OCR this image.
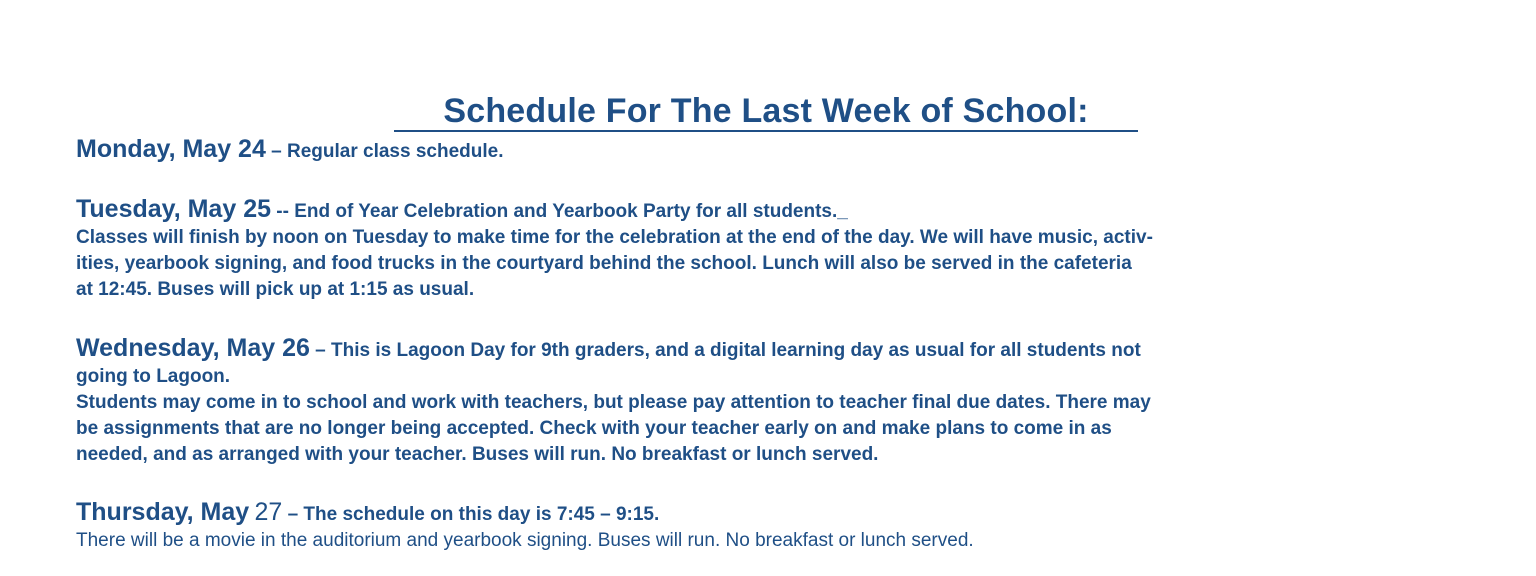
Schedule For The Last Week of School:
Monday, May 24 – Regular class schedule.
Tuesday, May 25 -- End of Year Celebration and Yearbook Party for all students._
Classes will finish by noon on Tuesday to make time for the celebration at the end of the day. We will have music, activ-
ities, yearbook signing, and food trucks in the courtyard behind the school. Lunch will also be served in the cafeteria
at 12:45. Buses will pick up at 1:15 as usual.
Wednesday, May 26 – This is Lagoon Day for 9th graders, and a digital learning day as usual for all students not
going to Lagoon.
Students may come in to school and work with teachers, but please pay attention to teacher final due dates. There may
be assignments that are no longer being accepted. Check with your teacher early on and make plans to come in as
needed, and as arranged with your teacher. Buses will run. No breakfast or lunch served.
Thursday, May 27 – The schedule on this day is 7:45 – 9:15.
There will be a movie in the auditorium and yearbook signing. Buses will run. No breakfast or lunch served.
